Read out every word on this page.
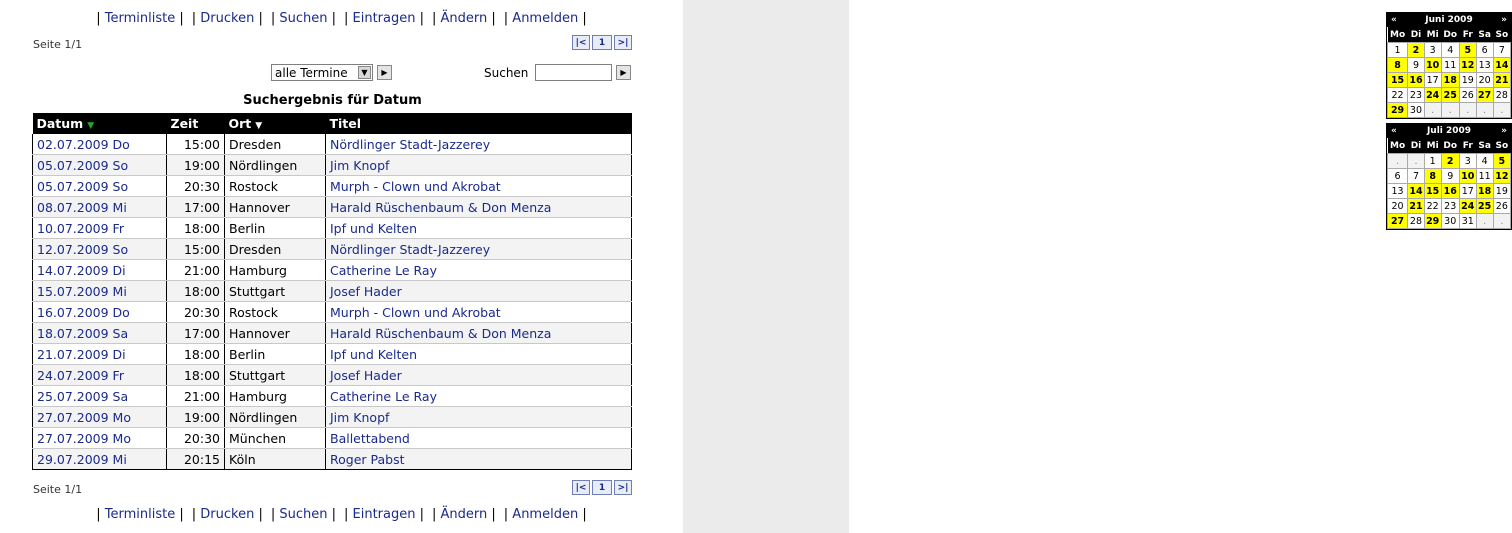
| Terminliste | | Drucken | | Suchen | | Eintragen | | Ändern | | Anmelden |
Seite 1/1	|<	1	>|
alle Termine	▼	▶	Suchen	▶
Suchergebnis für Datum
Datum ▼	Zeit	Ort ▼	Titel
02.07.2009 Do	15:00	Dresden	Nördlinger Stadt-Jazzerey
05.07.2009 So	19:00	Nördlingen	Jim Knopf
05.07.2009 So	20:30	Rostock	Murph - Clown und Akrobat
08.07.2009 Mi	17:00	Hannover	Harald Rüschenbaum & Don Menza
10.07.2009 Fr	18:00	Berlin	Ipf und Kelten
12.07.2009 So	15:00	Dresden	Nördlinger Stadt-Jazzerey
14.07.2009 Di	21:00	Hamburg	Catherine Le Ray
15.07.2009 Mi	18:00	Stuttgart	Josef Hader
16.07.2009 Do	20:30	Rostock	Murph - Clown und Akrobat
18.07.2009 Sa	17:00	Hannover	Harald Rüschenbaum & Don Menza
21.07.2009 Di	18:00	Berlin	Ipf und Kelten
24.07.2009 Fr	18:00	Stuttgart	Josef Hader
25.07.2009 Sa	21:00	Hamburg	Catherine Le Ray
27.07.2009 Mo	19:00	Nördlingen	Jim Knopf
27.07.2009 Mo	20:30	München	Ballettabend
29.07.2009 Mi	20:15	Köln	Roger Pabst
Seite 1/1	|<	1	>|
| Terminliste | | Drucken | | Suchen | | Eintragen | | Ändern | | Anmelden |
«	Juni 2009	»
Mo	Di	Mi	Do	Fr	Sa	So
1	2	3	4	5	6	7
8	9	10	11	12	13	14
15	16	17	18	19	20	21
22	23	24	25	26	27	28
29	30	.	.	.	.	.
«	Juli 2009	»
Mo	Di	Mi	Do	Fr	Sa	So
.	.	1	2	3	4	5
6	7	8	9	10	11	12
13	14	15	16	17	18	19
20	21	22	23	24	25	26
27	28	29	30	31	.	.
